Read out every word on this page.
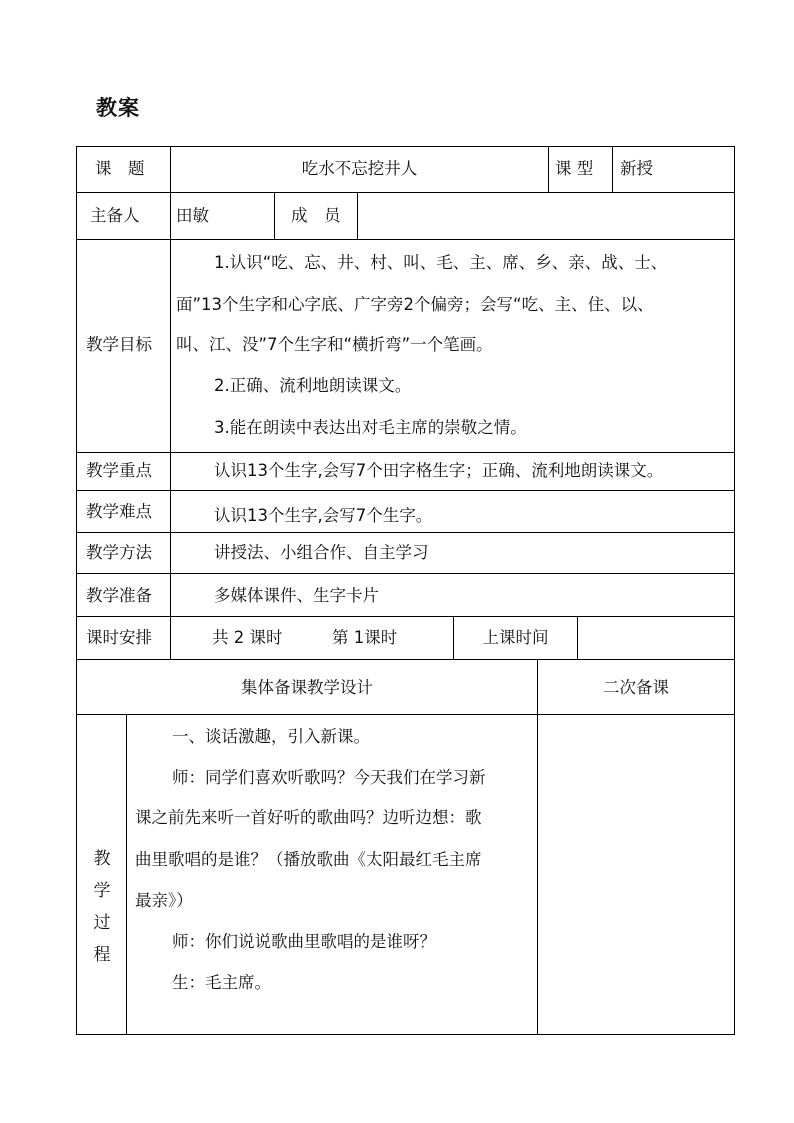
教案
课　题	吃水不忘挖井人	课 型 新授
主备人 田敏	成　员
教学目标
1.认识“吃、忘、井、村、叫、毛、主、席、乡、亲、战、士、
面”13个生字和心字底、广字旁2个偏旁；会写“吃、主、住、以、
叫、江、没”7个生字和“横折弯”一个笔画。
2.正确、流利地朗读课文。
3.能在朗读中表达出对毛主席的崇敬之情。
教学重点	认识13个生字,会写7个田字格生字；正确、流利地朗读课文。
教学难点	认识13个生字,会写7个生字。
教学方法	讲授法、小组合作、自主学习
教学准备	多媒体课件、生字卡片
课时安排	共 2 课时	第 1课时	上课时间
集体备课教学设计	二次备课
教
学
过
程
一、谈话激趣，引入新课。
师：同学们喜欢听歌吗？今天我们在学习新
课之前先来听一首好听的歌曲吗？边听边想：歌
曲里歌唱的是谁？（播放歌曲《太阳最红毛主席
最亲》）
师：你们说说歌曲里歌唱的是谁呀？
生：毛主席。
